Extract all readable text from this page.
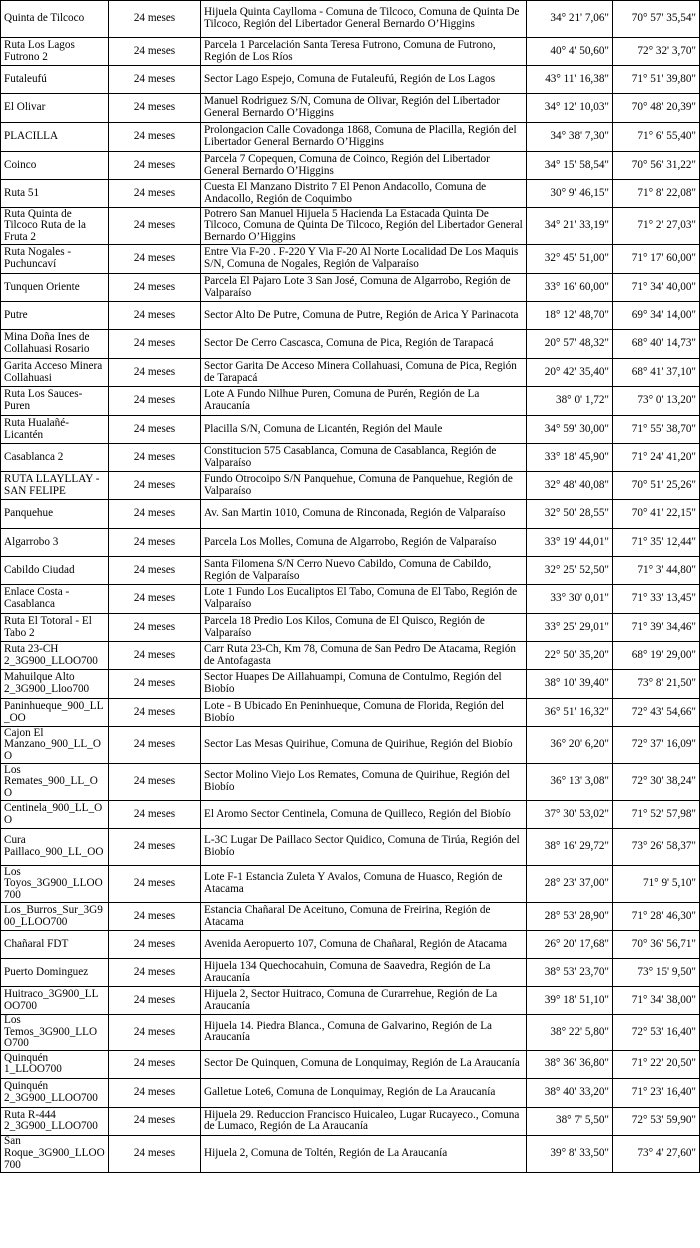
Quinta de Tilcoco	24 meses	Hijuela Quinta Caylloma - Comuna de Tilcoco, Comuna de Quinta De Tilcoco, Región del Libertador General Bernardo O’Higgins	34° 21' 7,06"	70° 57' 35,54"
Ruta Los Lagos Futrono 2	24 meses	Parcela 1 Parcelación Santa Teresa Futrono, Comuna de Futrono, Región de Los Ríos	40° 4' 50,60"	72° 32' 3,70"
Futaleufú	24 meses	Sector Lago Espejo, Comuna de Futaleufú, Región de Los Lagos	43° 11' 16,38"	71° 51' 39,80"
El Olivar	24 meses	Manuel Rodriguez S/N, Comuna de Olivar, Región del Libertador General Bernardo O’Higgins	34° 12' 10,03"	70° 48' 20,39"
PLACILLA	24 meses	Prolongacion Calle Covadonga 1868, Comuna de Placilla, Región del Libertador General Bernardo O’Higgins	34° 38' 7,30"	71° 6' 55,40"
Coinco	24 meses	Parcela 7 Copequen, Comuna de Coinco, Región del Libertador General Bernardo O’Higgins	34° 15' 58,54"	70° 56' 31,22"
Ruta 51	24 meses	Cuesta El Manzano Distrito 7 El Penon Andacollo, Comuna de Andacollo, Región de Coquimbo	30° 9' 46,15"	71° 8' 22,08"
Ruta Quinta de Tilcoco Ruta de la Fruta 2	24 meses	Potrero San Manuel Hijuela 5 Hacienda La Estacada Quinta De Tilcoco, Comuna de Quinta De Tilcoco, Región del Libertador General Bernardo O’Higgins	34° 21' 33,19"	71° 2' 27,03"
Ruta Nogales - Puchuncaví	24 meses	Entre Via F-20 . F-220 Y Via F-20 Al Norte Localidad De Los Maquis S/N, Comuna de Nogales, Región de Valparaíso	32° 45' 51,00"	71° 17' 60,00"
Tunquen Oriente	24 meses	Parcela El Pajaro Lote 3 San José, Comuna de Algarrobo, Región de Valparaíso	33° 16' 60,00"	71° 34' 40,00"
Putre	24 meses	Sector Alto De Putre, Comuna de Putre, Región de Arica Y Parinacota	18° 12' 48,70"	69° 34' 14,00"
Mina Doña Ines de Collahuasi Rosario	24 meses	Sector De Cerro Cascasca, Comuna de Pica, Región de Tarapacá	20° 57' 48,32"	68° 40' 14,73"
Garita Acceso Minera Collahuasi	24 meses	Sector Garita De Acceso Minera Collahuasi, Comuna de Pica, Región de Tarapacá	20° 42' 35,40"	68° 41' 37,10"
Ruta Los Sauces-Puren	24 meses	Lote A Fundo Nilhue Puren, Comuna de Purén, Región de La Araucanía	38° 0' 1,72"	73° 0' 13,20"
Ruta Hualañé-Licantén	24 meses	Placilla S/N, Comuna de Licantén, Región del Maule	34° 59' 30,00"	71° 55' 38,70"
Casablanca 2	24 meses	Constitucion 575 Casablanca, Comuna de Casablanca, Región de Valparaíso	33° 18' 45,90"	71° 24' 41,20"
RUTA LLAYLLAY - SAN FELIPE	24 meses	Fundo Otrocoipo S/N Panquehue, Comuna de Panquehue, Región de Valparaíso	32° 48' 40,08"	70° 51' 25,26"
Panquehue	24 meses	Av. San Martin 1010, Comuna de Rinconada, Región de Valparaíso	32° 50' 28,55"	70° 41' 22,15"
Algarrobo 3	24 meses	Parcela Los Molles, Comuna de Algarrobo, Región de Valparaíso	33° 19' 44,01"	71° 35' 12,44"
Cabildo Ciudad	24 meses	Santa Filomena S/N Cerro Nuevo Cabildo, Comuna de Cabildo, Región de Valparaíso	32° 25' 52,50"	71° 3' 44,80"
Enlace Costa - Casablanca	24 meses	Lote 1 Fundo Los Eucaliptos El Tabo, Comuna de El Tabo, Región de Valparaíso	33° 30' 0,01"	71° 33' 13,45"
Ruta El Totoral - El Tabo 2	24 meses	Parcela 18 Predio Los Kilos, Comuna de El Quisco, Región de Valparaíso	33° 25' 29,01"	71° 39' 34,46"
Ruta 23-CH 2_3G900_LLOO700	24 meses	Carr Ruta 23-Ch, Km 78, Comuna de San Pedro De Atacama, Región de Antofagasta	22° 50' 35,20"	68° 19' 29,00"
Mahuilque Alto 2_3G900_Lloo700	24 meses	Sector Huapes De Aillahuampi, Comuna de Contulmo, Región del Biobío	38° 10' 39,40"	73° 8' 21,50"
Paninhueque_900_LL_OO	24 meses	Lote - B Ubicado En Peninhueque, Comuna de Florida, Región del Biobío	36° 51' 16,32"	72° 43' 54,66"
Cajon El Manzano_900_LL_OO	24 meses	Sector Las Mesas Quirihue, Comuna de Quirihue, Región del Biobío	36° 20' 6,20"	72° 37' 16,09"
Los Remates_900_LL_OO	24 meses	Sector Molino Viejo Los Remates, Comuna de Quirihue, Región del Biobío	36° 13' 3,08"	72° 30' 38,24"
Centinela_900_LL_OO	24 meses	El Aromo Sector Centinela, Comuna de Quilleco, Región del Biobío	37° 30' 53,02"	71° 52' 57,98"
Cura Paillaco_900_LL_OO	24 meses	L-3C Lugar De Paillaco Sector Quidico, Comuna de Tirúa, Región del Biobío	38° 16' 29,72"	73° 26' 58,37"
Los Toyos_3G900_LLOO700	24 meses	Lote F-1 Estancia Zuleta Y Avalos, Comuna de Huasco, Región de Atacama	28° 23' 37,00"	71° 9' 5,10"
Los_Burros_Sur_3G900_LLOO700	24 meses	Estancia Chañaral De Aceituno, Comuna de Freirina, Región de Atacama	28° 53' 28,90"	71° 28' 46,30"
Chañaral FDT	24 meses	Avenida Aeropuerto 107, Comuna de Chañaral, Región de Atacama	26° 20' 17,68"	70° 36' 56,71"
Puerto Dominguez	24 meses	Hijuela 134 Quechocahuin, Comuna de Saavedra, Región de La Araucanía	38° 53' 23,70"	73° 15' 9,50"
Huitraco_3G900_LLOO700	24 meses	Hijuela 2, Sector Huitraco, Comuna de Curarrehue, Región de La Araucanía	39° 18' 51,10"	71° 34' 38,00"
Los Temos_3G900_LLOO700	24 meses	Hijuela 14. Piedra Blanca., Comuna de Galvarino, Región de La Araucanía	38° 22' 5,80"	72° 53' 16,40"
Quinquén 1_LLOO700	24 meses	Sector De Quinquen, Comuna de Lonquimay, Región de La Araucanía	38° 36' 36,80"	71° 22' 20,50"
Quinquén 2_3G900_LLOO700	24 meses	Galletue Lote6, Comuna de Lonquimay, Región de La Araucanía	38° 40' 33,20"	71° 23' 16,40"
Ruta R-444 2_3G900_LLOO700	24 meses	Hijuela 29. Reduccion Francisco Huicaleo, Lugar Rucayeco., Comuna de Lumaco, Región de La Araucanía	38° 7' 5,50"	72° 53' 59,90"
San Roque_3G900_LLOO700	24 meses	Hijuela 2, Comuna de Toltén, Región de La Araucanía	39° 8' 33,50"	73° 4' 27,60"
